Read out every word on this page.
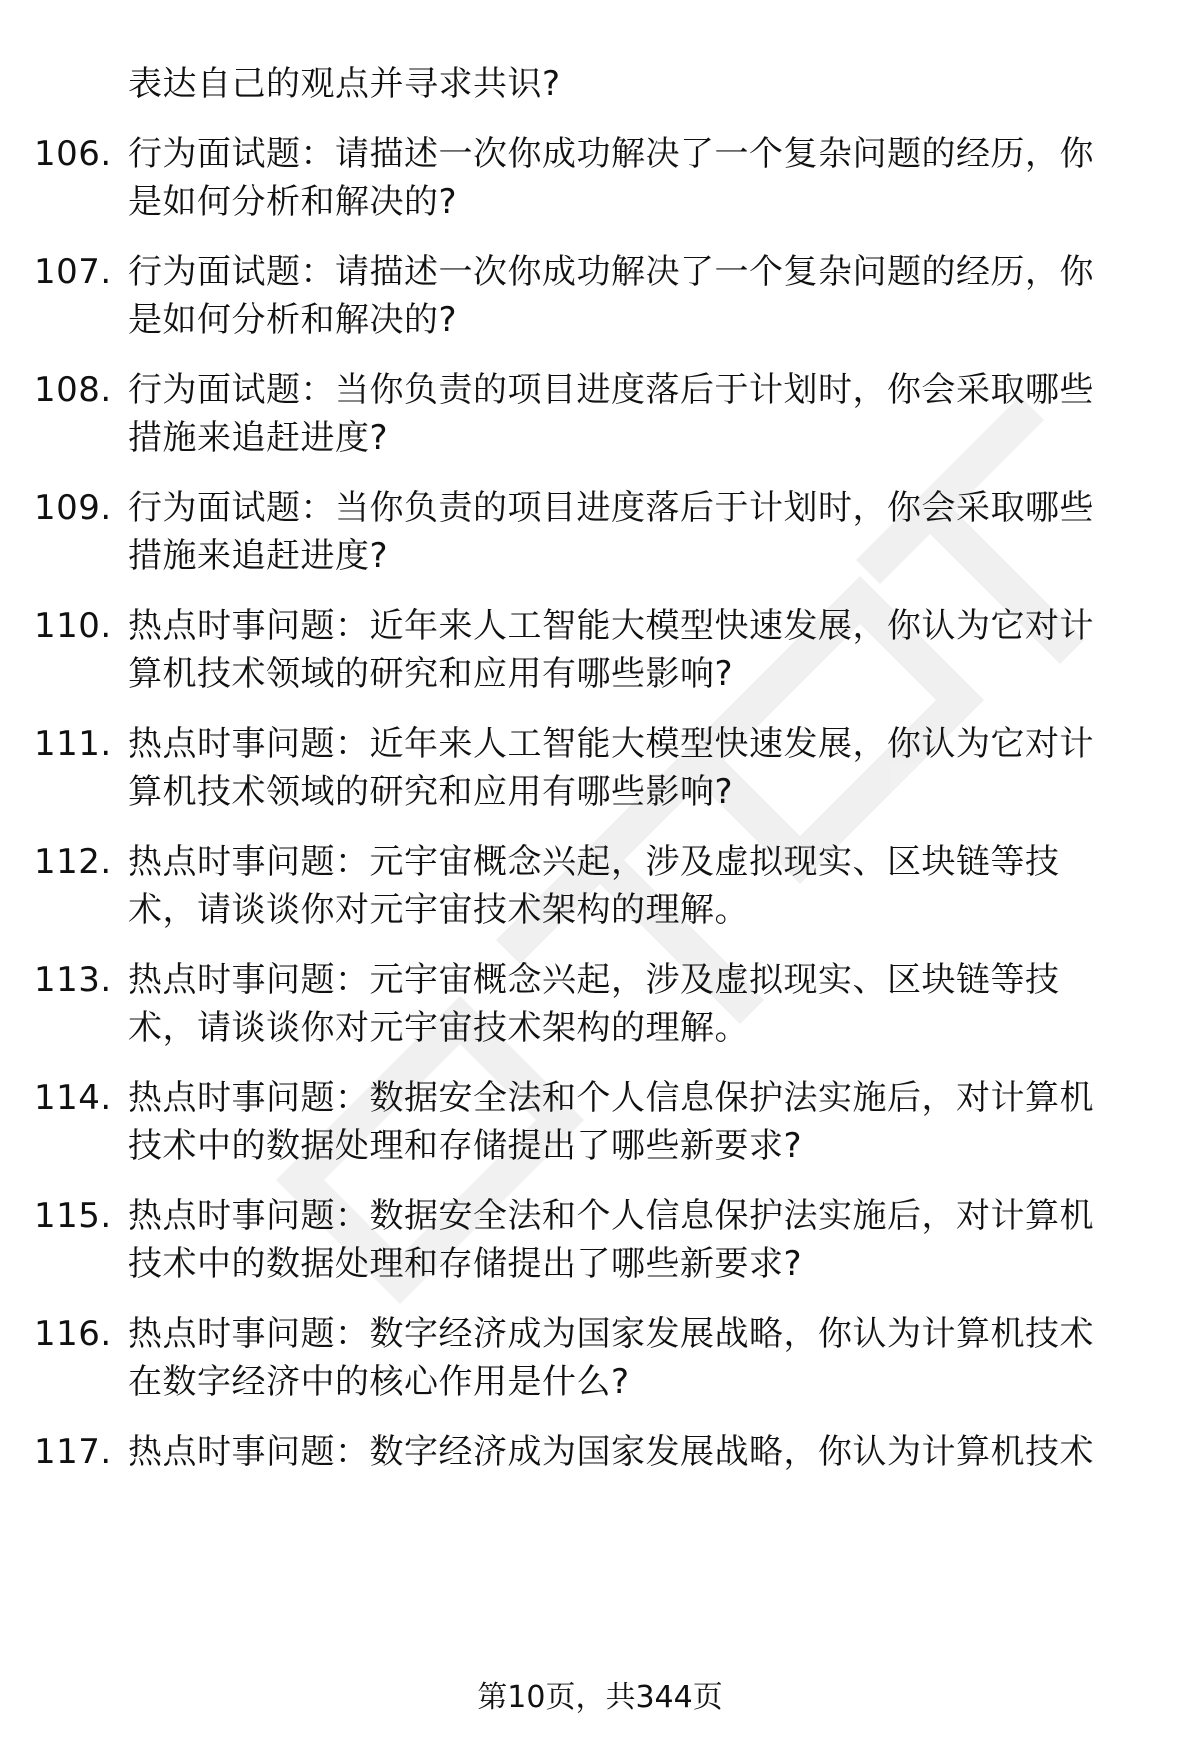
表达自己的观点并寻求共识?
106. 行为面试题：请描述一次你成功解决了一个复杂问题的经历，你
是如何分析和解决的?
107. 行为面试题：请描述一次你成功解决了一个复杂问题的经历，你
是如何分析和解决的?
108. 行为面试题：当你负责的项目进度落后于计划时，你会采取哪些
措施来追赶进度?
109. 行为面试题：当你负责的项目进度落后于计划时，你会采取哪些
措施来追赶进度?
110. 热点时事问题：近年来人工智能大模型快速发展，你认为它对计
算机技术领域的研究和应用有哪些影响?
111. 热点时事问题：近年来人工智能大模型快速发展，你认为它对计
算机技术领域的研究和应用有哪些影响?
112. 热点时事问题：元宇宙概念兴起，涉及虚拟现实、区块链等技
术，请谈谈你对元宇宙技术架构的理解。
113. 热点时事问题：元宇宙概念兴起，涉及虚拟现实、区块链等技
术，请谈谈你对元宇宙技术架构的理解。
114. 热点时事问题：数据安全法和个人信息保护法实施后，对计算机
技术中的数据处理和存储提出了哪些新要求?
115. 热点时事问题：数据安全法和个人信息保护法实施后，对计算机
技术中的数据处理和存储提出了哪些新要求?
116. 热点时事问题：数字经济成为国家发展战略，你认为计算机技术
在数字经济中的核心作用是什么?
117. 热点时事问题：数字经济成为国家发展战略，你认为计算机技术
第10页，共344页
